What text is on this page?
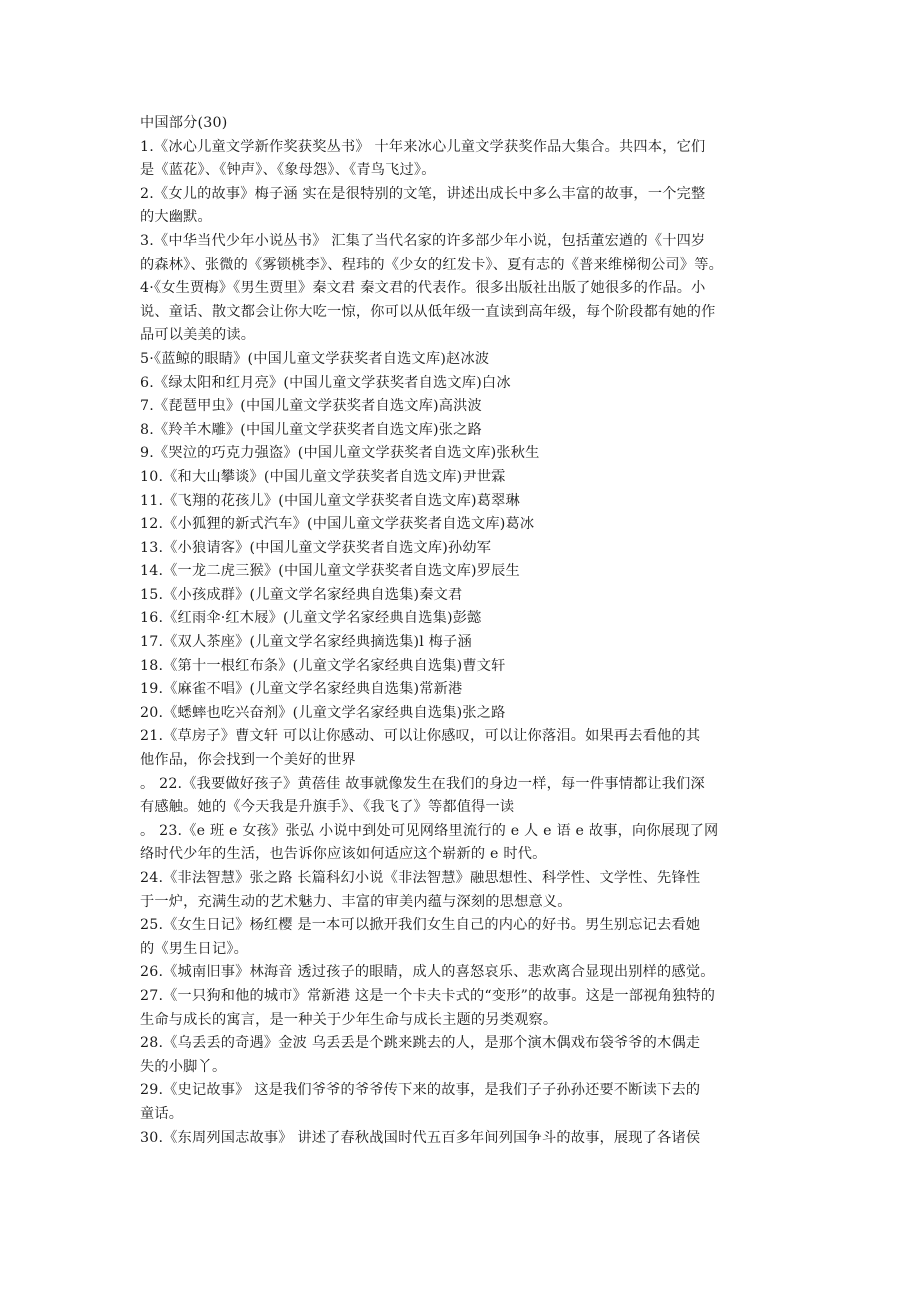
中国部分(30)
1.《冰心儿童文学新作奖获奖丛书》 十年来冰心儿童文学获奖作品大集合。共四本，它们
是《蓝花》、《钟声》、《象母怨》、《青鸟飞过》。
2.《女儿的故事》梅子涵 实在是很特别的文笔，讲述出成长中多么丰富的故事，一个完整
的大幽默。
3.《中华当代少年小说丛书》 汇集了当代名家的许多部少年小说，包括董宏遒的《十四岁
的森林》、张微的《雾锁桃李》、程玮的《少女的红发卡》、夏有志的《普来维梯彻公司》等。
4·《女生贾梅》《男生贾里》秦文君 秦文君的代表作。很多出版社出版了她很多的作品。小
说、童话、散文都会让你大吃一惊，你可以从低年级一直读到高年级，每个阶段都有她的作
品可以美美的读。
5·《蓝鲸的眼睛》(中国儿童文学获奖者自选文库)赵冰波
6.《绿太阳和红月亮》(中国儿童文学获奖者自选文库)白冰
7.《琵琶甲虫》(中国儿童文学获奖者自选文库)高洪波
8.《羚羊木雕》(中国儿童文学获奖者自选文库)张之路
9.《哭泣的巧克力强盗》(中国儿童文学获奖者自选文库)张秋生
10.《和大山攀谈》(中国儿童文学获奖者自选文库)尹世霖
11.《飞翔的花孩儿》(中国儿童文学获奖者自选文库)葛翠琳
12.《小狐狸的新式汽车》(中国儿童文学获奖者自选文库)葛冰
13.《小狼请客》(中国儿童文学获奖者自选文库)孙幼军
14.《一龙二虎三猴》(中国儿童文学获奖者自选文库)罗辰生
15.《小孩成群》(儿童文学名家经典自选集)秦文君
16.《红雨伞·红木屐》(儿童文学名家经典自选集)彭懿
17.《双人茶座》(儿童文学名家经典摘选集)l 梅子涵
18.《第十一根红布条》(儿童文学名家经典自选集)曹文轩
19.《麻雀不唱》(儿童文学名家经典自选集)常新港
20.《蟋蟀也吃兴奋剂》(儿童文学名家经典自选集)张之路
21.《草房子》曹文轩 可以让你感动、可以让你感叹，可以让你落泪。如果再去看他的其
他作品，你会找到一个美好的世界
。 22.《我要做好孩子》黄蓓佳 故事就像发生在我们的身边一样，每一件事情都让我们深
有感触。她的《今天我是升旗手》、《我飞了》等都值得一读
。 23.《e 班 e 女孩》张弘 小说中到处可见网络里流行的 e 人 e 语 e 故事，向你展现了网
络时代少年的生活，也告诉你应该如何适应这个崭新的 e 时代。
24.《非法智慧》张之路 长篇科幻小说《非法智慧》融思想性、科学性、文学性、先锋性
于一炉，充满生动的艺术魅力、丰富的审美内蕴与深刻的思想意义。
25.《女生日记》杨红樱 是一本可以掀开我们女生自己的内心的好书。男生别忘记去看她
的《男生日记》。
26.《城南旧事》林海音 透过孩子的眼睛，成人的喜怒哀乐、悲欢离合显现出别样的感觉。
27.《一只狗和他的城市》常新港 这是一个卡夫卡式的“变形”的故事。这是一部视角独特的
生命与成长的寓言，是一种关于少年生命与成长主题的另类观察。
28.《乌丢丢的奇遇》金波 乌丢丢是个跳来跳去的人，是那个演木偶戏布袋爷爷的木偶走
失的小脚丫。
29.《史记故事》 这是我们爷爷的爷爷传下来的故事，是我们子子孙孙还要不断读下去的
童话。
30.《东周列国志故事》 讲述了春秋战国时代五百多年间列国争斗的故事，展现了各诸侯
